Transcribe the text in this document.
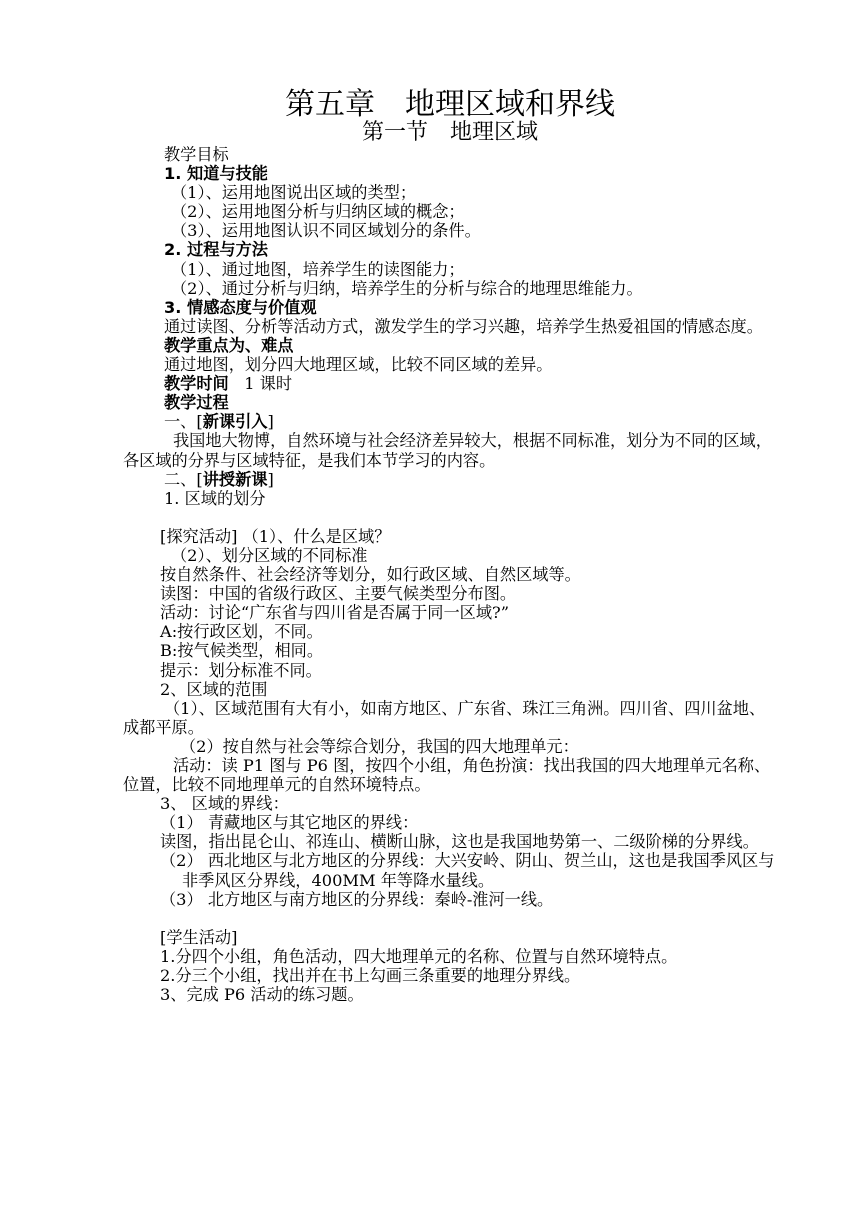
第五章　地理区域和界线
第一节　地理区域

教学目标

1. 知道与技能

（1）、运用地图说出区域的类型；

（2）、运用地图分析与归纳区域的概念；

（3）、运用地图认识不同区域划分的条件。

2. 过程与方法

（1）、通过地图，培养学生的读图能力；

（2）、通过分析与归纳，培养学生的分析与综合的地理思维能力。

3. 情感态度与价值观

通过读图、分析等活动方式，激发学生的学习兴趣，培养学生热爱祖国的情感态度。

教学重点为、难点

通过地图，划分四大地理区域，比较不同区域的差异。

教学时间 1 课时

教学过程

一、[新课引入]

我国地大物博，自然环境与社会经济差异较大，根据不同标准，划分为不同的区域，各区域的分界与区域特征，是我们本节学习的内容。

二、[讲授新课]

1. 区域的划分

[探究活动] （1）、什么是区域？

（2）、划分区域的不同标准

按自然条件、社会经济等划分，如行政区域、自然区域等。

读图：中国的省级行政区、主要气候类型分布图。

活动：讨论“广东省与四川省是否属于同一区域?”

A:按行政区划，不同。

B:按气候类型，相同。

提示：划分标准不同。

2、区域的范围

（1）、区域范围有大有小，如南方地区、广东省、珠江三角洲。四川省、四川盆地、成都平原。

（2）按自然与社会等综合划分，我国的四大地理单元：

活动：读 P1 图与 P6 图，按四个小组，角色扮演：找出我国的四大地理单元名称、位置，比较不同地理单元的自然环境特点。

3、 区域的界线：

（1） 青藏地区与其它地区的界线：

读图，指出昆仑山、祁连山、横断山脉，这也是我国地势第一、二级阶梯的分界线。

（2） 西北地区与北方地区的分界线：大兴安岭、阴山、贺兰山，这也是我国季风区与非季风区分界线，400MM 年等降水量线。

（3） 北方地区与南方地区的分界线：秦岭-淮河一线。

[学生活动]

1.分四个小组，角色活动，四大地理单元的名称、位置与自然环境特点。

2.分三个小组，找出并在书上勾画三条重要的地理分界线。

3、完成 P6 活动的练习题。
